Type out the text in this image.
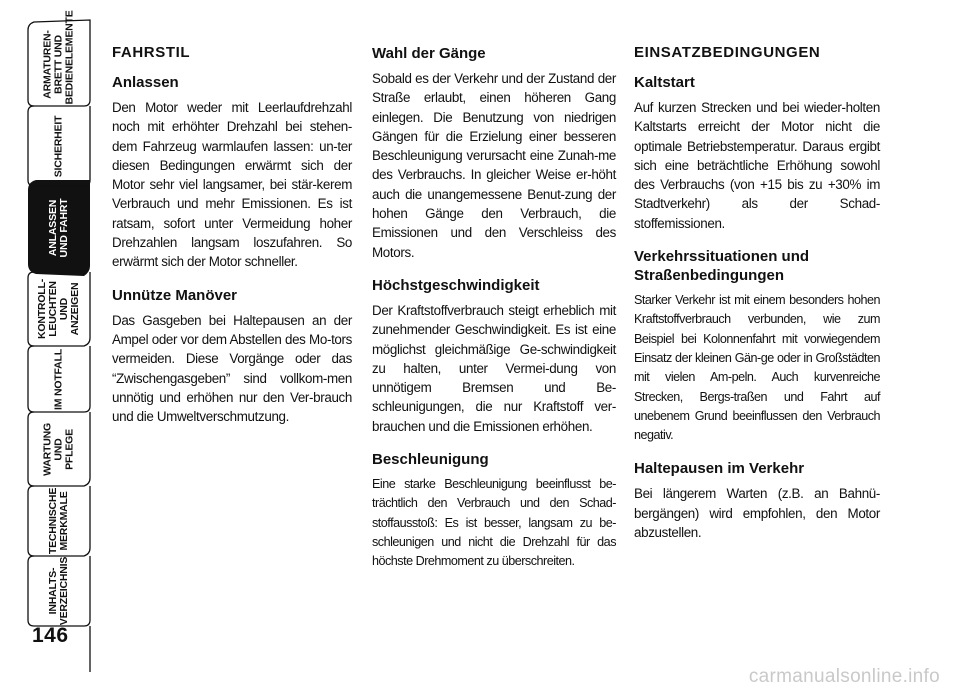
ARMATUREN-
BRETT UND
BEDIENELEMENTE
SICHERHEIT
ANLASSEN
UND FAHRT
KONTROLL-
LEUCHTEN
UND ANZEIGEN
IM NOTFALL
WARTUNG
UND PFLEGE
TECHNISCHE
MERKMALE
INHALTS-
VERZEICHNIS
146
FAHRSTIL
Anlassen

Den Motor weder mit Leerlaufdrehzahl noch mit erhöhter Drehzahl bei stehen-dem Fahrzeug warmlaufen lassen: un-ter diesen Bedingungen erwärmt sich der Motor sehr viel langsamer, bei stär-kerem Verbrauch und mehr Emissionen. Es ist ratsam, sofort unter Vermeidung hoher Drehzahlen langsam loszufahren. So erwärmt sich der Motor schneller.

Unnütze Manöver

Das Gasgeben bei Haltepausen an der Ampel oder vor dem Abstellen des Mo-tors vermeiden. Diese Vorgänge oder das “Zwischengasgeben” sind vollkom-men unnötig und erhöhen nur den Ver-brauch und die Umweltverschmutzung.

Wahl der Gänge

Sobald es der Verkehr und der Zustand der Straße erlaubt, einen höheren Gang einlegen. Die Benutzung von niedrigen Gängen für die Erzielung einer besseren Beschleunigung verursacht eine Zunah-me des Verbrauchs. In gleicher Weise er-höht auch die unangemessene Benut-zung der hohen Gänge den Verbrauch, die Emissionen und den Verschleiss des Motors.

Höchstgeschwindigkeit

Der Kraftstoffverbrauch steigt erheblich mit zunehmender Geschwindigkeit. Es ist eine möglichst gleichmäßige Ge-schwindigkeit zu halten, unter Vermei-dung von unnötigem Bremsen und Be-schleunigungen, die nur Kraftstoff ver-brauchen und die Emissionen erhöhen.

Beschleunigung

Eine starke Beschleunigung beeinflusst be-trächtlich den Verbrauch und den Schad-stoffausstoß: Es ist besser, langsam zu be-schleunigen und nicht die Drehzahl für das höchste Drehmoment zu überschreiten.

EINSATZBEDINGUNGEN
Kaltstart

Auf kurzen Strecken und bei wieder-holten Kaltstarts erreicht der Motor nicht die optimale Betriebstemperatur. Daraus ergibt sich eine beträchtliche Erhöhung sowohl des Verbrauchs (von +15 bis zu +30% im Stadtverkehr) als der Schad-stoffemissionen.

Verkehrssituationen und Straßenbedingungen

Starker Verkehr ist mit einem besonders hohen Kraftstoffverbrauch verbunden, wie zum Beispiel bei Kolonnenfahrt mit vorwiegendem Einsatz der kleinen Gän-ge oder in Großstädten mit vielen Am-peln. Auch kurvenreiche Strecken, Bergs-traßen und Fahrt auf unebenem Grund beeinflussen den Verbrauch negativ.

Haltepausen im Verkehr

Bei längerem Warten (z.B. an Bahnü-bergängen) wird empfohlen, den Motor abzustellen.

carmanualsonline.info
